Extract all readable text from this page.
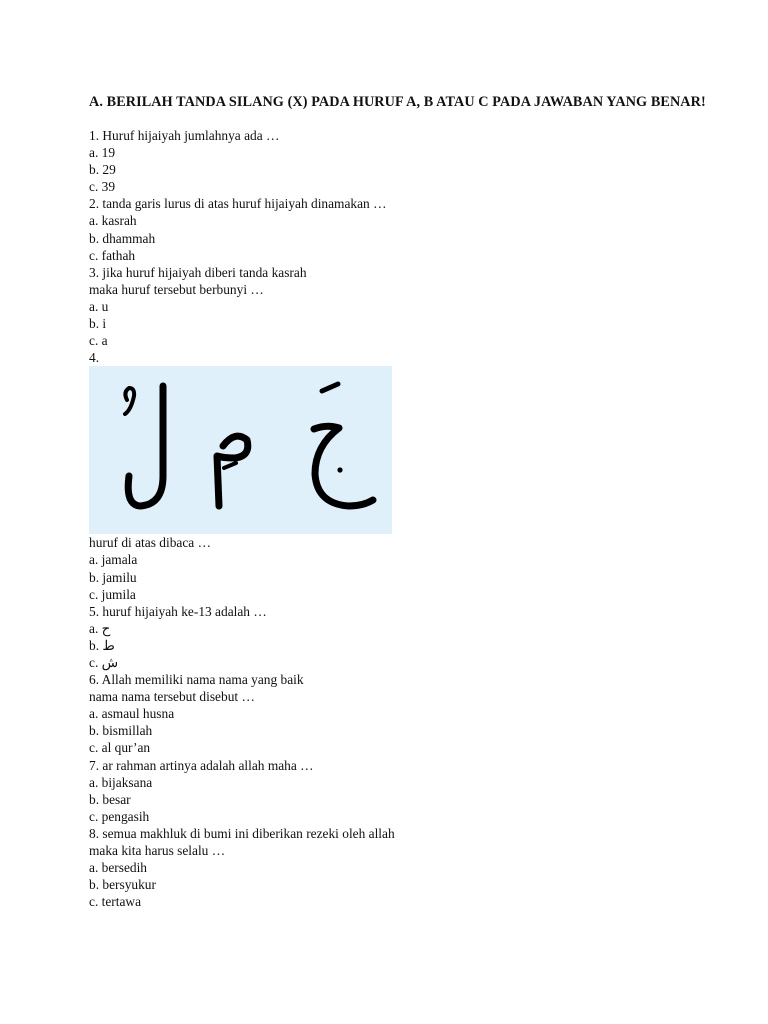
A. BERILAH TANDA SILANG (X) PADA HURUF A, B ATAU C PADA JAWABAN YANG BENAR!

1. Huruf hijaiyah jumlahnya ada …

a. 19

b. 29

c. 39

2. tanda garis lurus di atas huruf hijaiyah dinamakan …

a. kasrah

b. dhammah

c. fathah

3. jika huruf hijaiyah diberi tanda kasrah

maka huruf tersebut berbunyi …

a. u

b. i

c. a

4.

huruf di atas dibaca …

a. jamala

b. jamilu

c. jumila

5. huruf hijaiyah ke-13 adalah …

a. ح

b. ط

c. ش

6. Allah memiliki nama nama yang baik

nama nama tersebut disebut …

a. asmaul husna

b. bismillah

c. al qur’an

7. ar rahman artinya adalah allah maha …

a. bijaksana

b. besar

c. pengasih

8. semua makhluk di bumi ini diberikan rezeki oleh allah

maka kita harus selalu …

a. bersedih

b. bersyukur

c. tertawa
